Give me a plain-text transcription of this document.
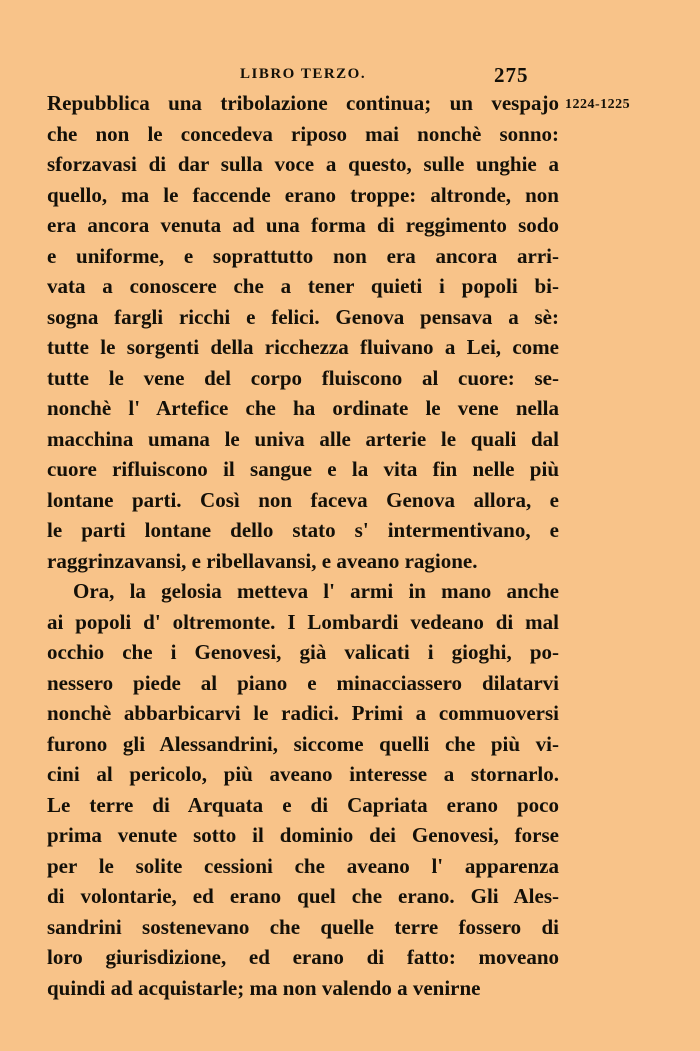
LIBRO TERZO.	275
1224-1225
Repubblica una tribolazione continua; un vespajo
che non le concedeva riposo mai nonchè sonno:
sforzavasi di dar sulla voce a questo, sulle unghie a
quello, ma le faccende erano troppe: altronde, non
era ancora venuta ad una forma di reggimento sodo
e uniforme, e soprattutto non era ancora arri-
vata a conoscere che a tener quieti i popoli bi-
sogna fargli ricchi e felici. Genova pensava a sè:
tutte le sorgenti della ricchezza fluivano a Lei, come
tutte le vene del corpo fluiscono al cuore: se-
nonchè l' Artefice che ha ordinate le vene nella
macchina umana le univa alle arterie le quali dal
cuore rifluiscono il sangue e la vita fin nelle più
lontane parti. Così non faceva Genova allora, e
le parti lontane dello stato s' intermentivano, e
raggrinzavansi, e ribellavansi, e aveano ragione.
Ora, la gelosia metteva l' armi in mano anche
ai popoli d' oltremonte. I Lombardi vedeano di mal
occhio che i Genovesi, già valicati i gioghi, po-
nessero piede al piano e minacciassero dilatarvi
nonchè abbarbicarvi le radici. Primi a commuoversi
furono gli Alessandrini, siccome quelli che più vi-
cini al pericolo, più aveano interesse a stornarlo.
Le terre di Arquata e di Capriata erano poco
prima venute sotto il dominio dei Genovesi, forse
per le solite cessioni che aveano l' apparenza
di volontarie, ed erano quel che erano. Gli Ales-
sandrini sostenevano che quelle terre fossero di
loro giurisdizione, ed erano di fatto: moveano
quindi ad acquistarle; ma non valendo a venirne
